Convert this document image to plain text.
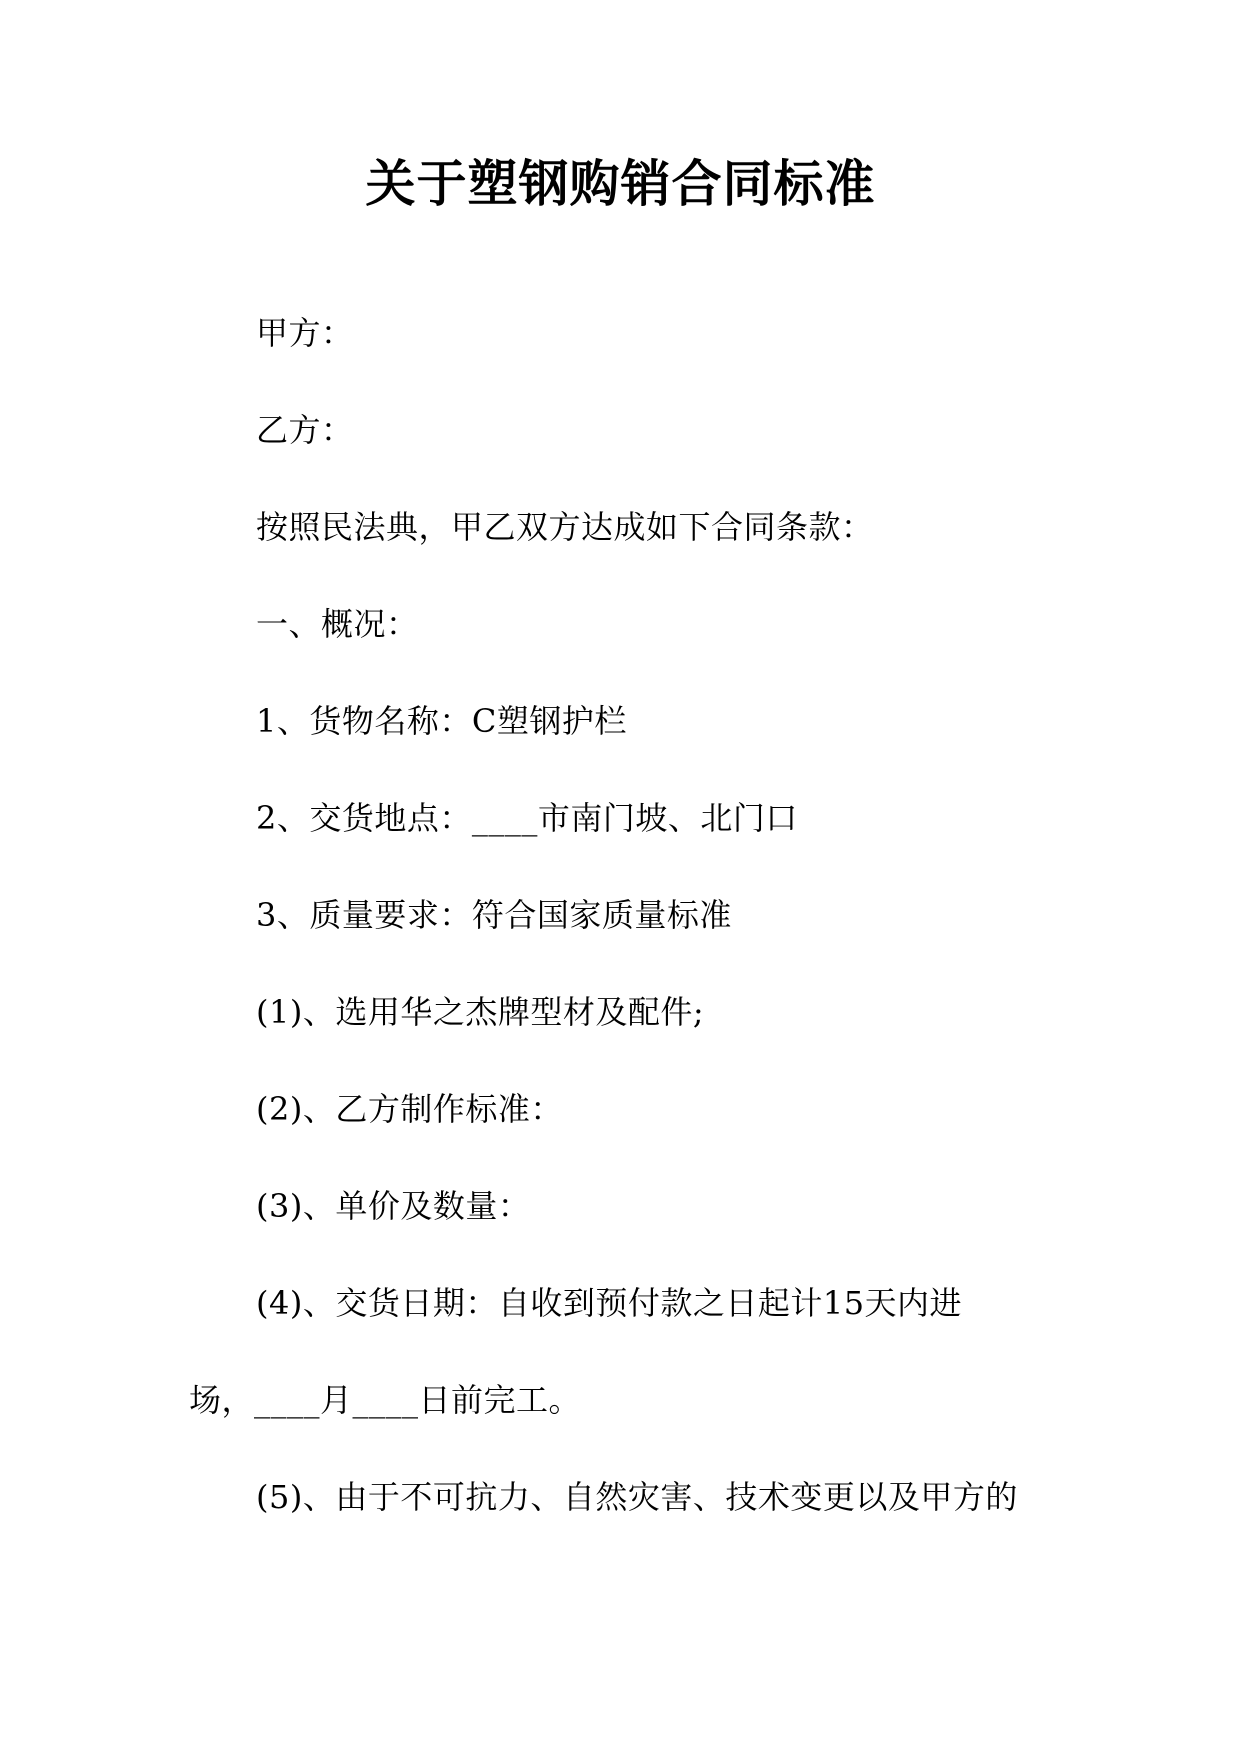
关于塑钢购销合同标准
甲方：
乙方：
按照民法典，甲乙双方达成如下合同条款：
一、概况：
1、货物名称：C塑钢护栏
2、交货地点：____市南门坡、北门口
3、质量要求：符合国家质量标准
(1)、选用华之杰牌型材及配件;
(2)、乙方制作标准：
(3)、单价及数量：
(4)、交货日期：自收到预付款之日起计15天内进
场，____月____日前完工。
(5)、由于不可抗力、自然灾害、技术变更以及甲方的
